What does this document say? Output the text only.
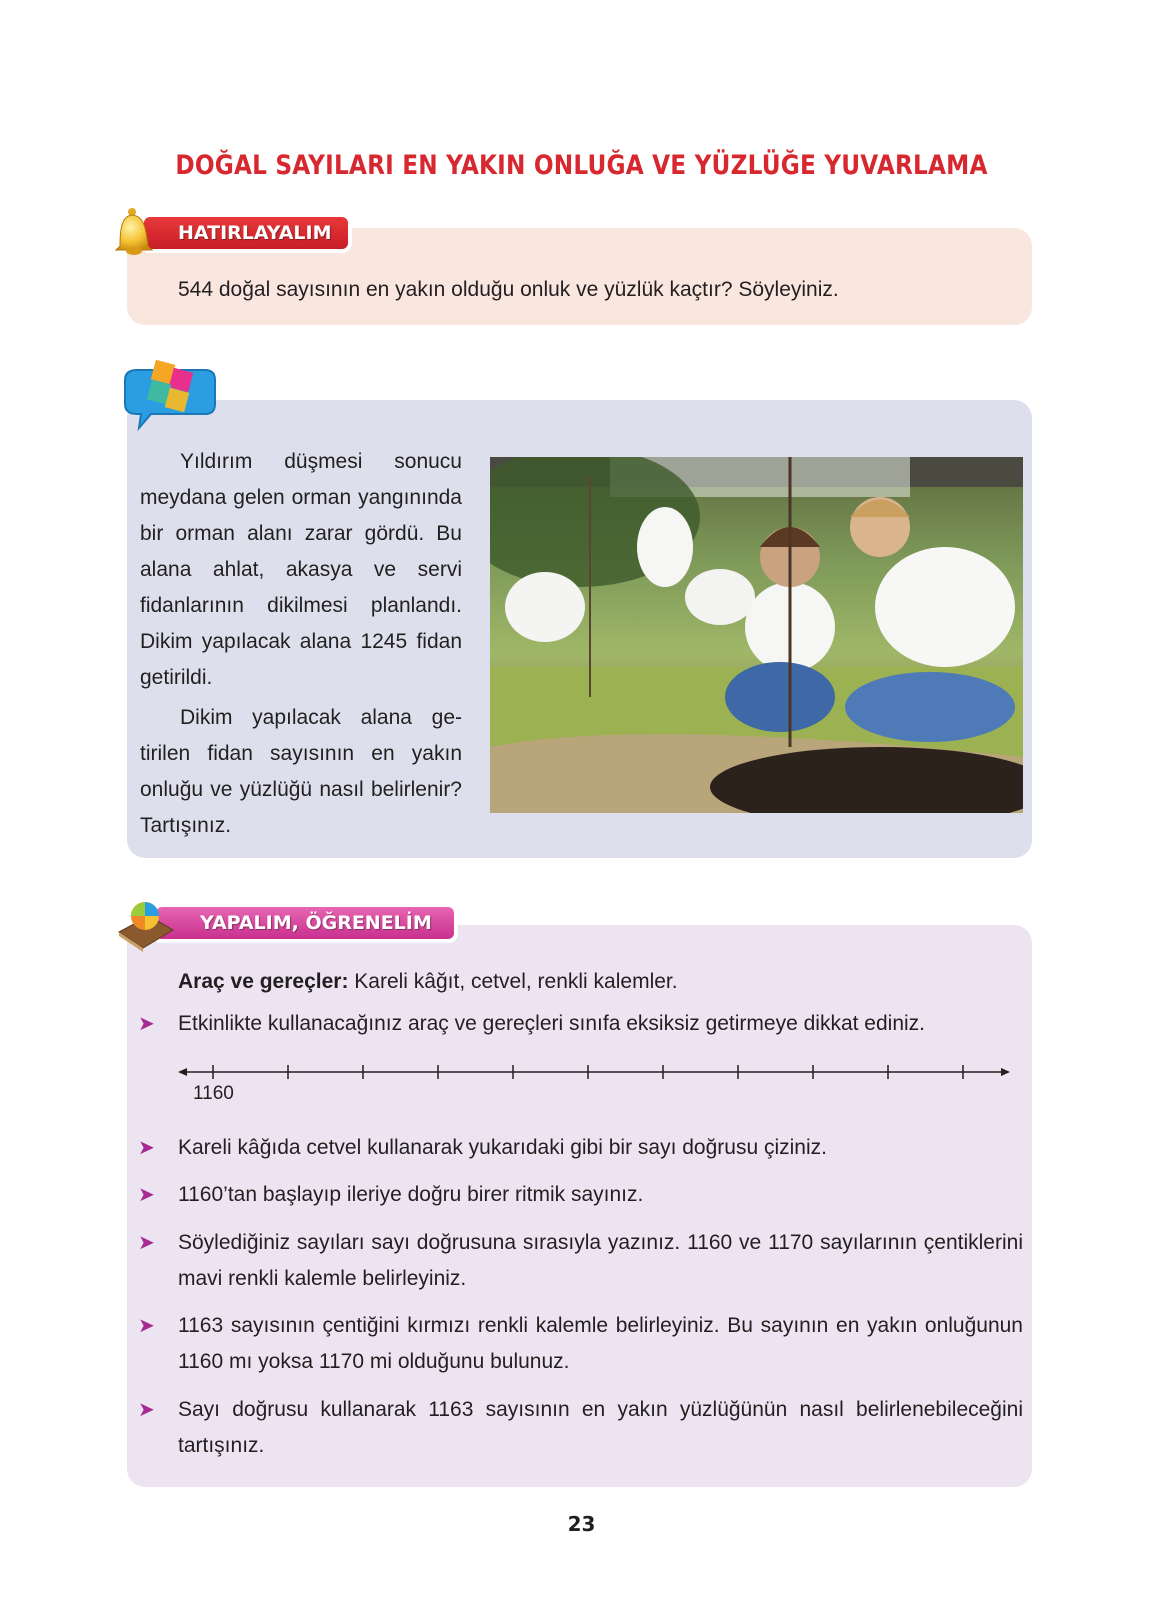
DOĞAL SAYILARI EN YAKIN ONLUĞA VE YÜZLÜĞE YUVARLAMA
HATIRLAYALIM
544 doğal sayısının en yakın olduğu onluk ve yüzlük kaçtır? Söyleyiniz.

Yıldırım düşmesi sonucu meydana gelen orman yangınında bir orman alanı zarar gördü. Bu alana ahlat, akasya ve servi fidanlarının dikilmesi planlandı. Dikim yapılacak alana 1245 fidan getirildi.

Dikim yapılacak alana getirilen fidan sayısının en yakın onluğu ve yüzlüğü nasıl belirlenir? Tartışınız.

YAPALIM, ÖĞRENELİM
Araç ve gereçler: Kareli kâğıt, cetvel, renkli kalemler.
➤	Etkinlikte kullanacağınız araç ve gereçleri sınıfa eksiksiz getirmeye dikkat ediniz.
1160
➤	Kareli kâğıda cetvel kullanarak yukarıdaki gibi bir sayı doğrusu çiziniz.
➤	1160’tan başlayıp ileriye doğru birer ritmik sayınız.
➤	Söylediğiniz sayıları sayı doğrusuna sırasıyla yazınız. 1160 ve 1170 sayılarının çentiklerini mavi renkli kalemle belirleyiniz.
➤	1163 sayısının çentiğini kırmızı renkli kalemle belirleyiniz. Bu sayının en yakın onluğunun 1160 mı yoksa 1170 mi olduğunu bulunuz.
➤	Sayı doğrusu kullanarak 1163 sayısının en yakın yüzlüğünün nasıl belirlenebileceğini tartışınız.
23
